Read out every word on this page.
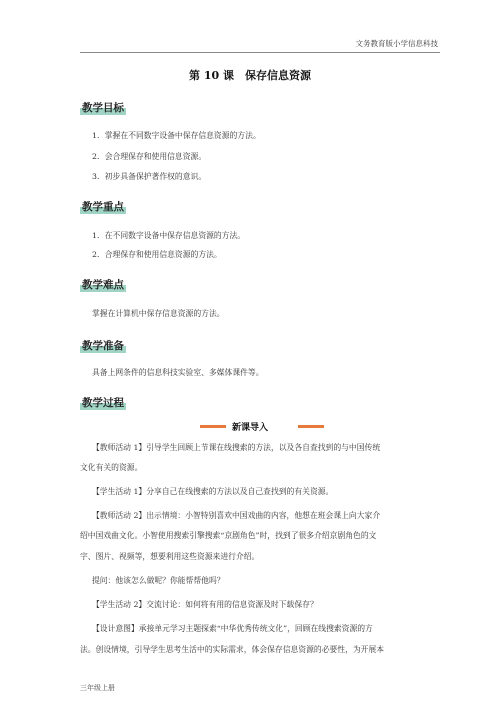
文务教育版小学信息科技
第 10 课　保存信息资源
教学目标
1．掌握在不同数字设备中保存信息资源的方法。
2．会合理保存和使用信息资源。
3．初步具备保护著作权的意识。
教学重点
1．在不同数字设备中保存信息资源的方法。
2．合理保存和使用信息资源的方法。
教学难点
掌握在计算机中保存信息资源的方法。
教学准备
具备上网条件的信息科技实验室、多媒体课件等。
教学过程
新课导入
【教师活动 1】引导学生回顾上节课在线搜索的方法，以及各自查找到的与中国传统
文化有关的资源。
【学生活动 1】分享自己在线搜索的方法以及自己查找到的有关资源。
【教师活动 2】出示情境：小智特别喜欢中国戏曲的内容，他想在班会课上向大家介
绍中国戏曲文化。小智使用搜索引擎搜索“京剧角色”时，找到了很多介绍京剧角色的文
字、图片、视频等，想要利用这些资源来进行介绍。
提问：他该怎么做呢？你能帮帮他吗？
【学生活动 2】交流讨论：如何将有用的信息资源及时下载保存？
【设计意图】承接单元学习主题探索“中华优秀传统文化”，回顾在线搜索资源的方
法。创设情境，引导学生思考生活中的实际需求，体会保存信息资源的必要性，为开展本
三年级上册
